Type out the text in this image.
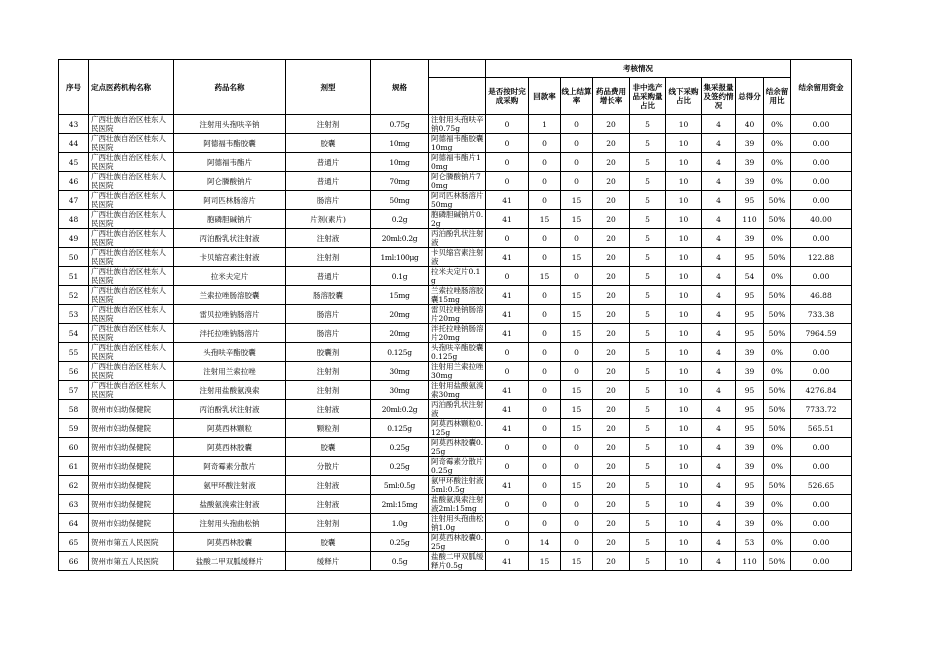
序号	定点医药机构名称	药品名称	剂型	规格		考核情况									结余留用资金
						是否按时完成采购	回款率	线上结算率	药品费用增长率	非中选产品采购量占比	线下采购占比	集采报量及签约情况	总得分	结余留用比	
43	广西壮族自治区桂东人民医院	注射用头孢呋辛钠	注射剂	0.75g	注射用头孢呋辛钠0.75g	0	1	0	20	5	10	4	40	0%	0.00
44	广西壮族自治区桂东人民医院	阿德福韦酯胶囊	胶囊	10mg	阿德福韦酯胶囊10mg	0	0	0	20	5	10	4	39	0%	0.00
45	广西壮族自治区桂东人民医院	阿德福韦酯片	普通片	10mg	阿德福韦酯片10mg	0	0	0	20	5	10	4	39	0%	0.00
46	广西壮族自治区桂东人民医院	阿仑膦酸钠片	普通片	70mg	阿仑膦酸钠片70mg	0	0	0	20	5	10	4	39	0%	0.00
47	广西壮族自治区桂东人民医院	阿司匹林肠溶片	肠溶片	50mg	阿司匹林肠溶片50mg	41	0	15	20	5	10	4	95	50%	0.00
48	广西壮族自治区桂东人民医院	胞磷胆碱钠片	片剂(素片)	0.2g	胞磷胆碱钠片0.2g	41	15	15	20	5	10	4	110	50%	40.00
49	广西壮族自治区桂东人民医院	丙泊酚乳状注射液	注射液	20ml:0.2g	丙泊酚乳状注射液	0	0	0	20	5	10	4	39	0%	0.00
50	广西壮族自治区桂东人民医院	卡贝缩宫素注射液	注射剂	1ml:100μg	卡贝缩宫素注射液	41	0	15	20	5	10	4	95	50%	122.88
51	广西壮族自治区桂东人民医院	拉米夫定片	普通片	0.1g	拉米夫定片0.1g	0	15	0	20	5	10	4	54	0%	0.00
52	广西壮族自治区桂东人民医院	兰索拉唑肠溶胶囊	肠溶胶囊	15mg	兰索拉唑肠溶胶囊15mg	41	0	15	20	5	10	4	95	50%	46.88
53	广西壮族自治区桂东人民医院	雷贝拉唑钠肠溶片	肠溶片	20mg	雷贝拉唑钠肠溶片20mg	41	0	15	20	5	10	4	95	50%	733.38
54	广西壮族自治区桂东人民医院	泮托拉唑钠肠溶片	肠溶片	20mg	泮托拉唑钠肠溶片20mg	41	0	15	20	5	10	4	95	50%	7964.59
55	广西壮族自治区桂东人民医院	头孢呋辛酯胶囊	胶囊剂	0.125g	头孢呋辛酯胶囊0.125g	0	0	0	20	5	10	4	39	0%	0.00
56	广西壮族自治区桂东人民医院	注射用兰索拉唑	注射剂	30mg	注射用兰索拉唑30mg	0	0	0	20	5	10	4	39	0%	0.00
57	广西壮族自治区桂东人民医院	注射用盐酸氨溴索	注射剂	30mg	注射用盐酸氨溴索30mg	41	0	15	20	5	10	4	95	50%	4276.84
58	贺州市妇幼保健院	丙泊酚乳状注射液	注射液	20ml:0.2g	丙泊酚乳状注射液	41	0	15	20	5	10	4	95	50%	7733.72
59	贺州市妇幼保健院	阿莫西林颗粒	颗粒剂	0.125g	阿莫西林颗粒0.125g	41	0	15	20	5	10	4	95	50%	565.51
60	贺州市妇幼保健院	阿莫西林胶囊	胶囊	0.25g	阿莫西林胶囊0.25g	0	0	0	20	5	10	4	39	0%	0.00
61	贺州市妇幼保健院	阿奇霉素分散片	分散片	0.25g	阿奇霉素分散片0.25g	0	0	0	20	5	10	4	39	0%	0.00
62	贺州市妇幼保健院	氨甲环酸注射液	注射液	5ml:0.5g	氨甲环酸注射液5ml:0.5g	41	0	15	20	5	10	4	95	50%	526.65
63	贺州市妇幼保健院	盐酸氨溴索注射液	注射液	2ml:15mg	盐酸氨溴索注射液2ml:15mg	0	0	0	20	5	10	4	39	0%	0.00
64	贺州市妇幼保健院	注射用头孢曲松钠	注射剂	1.0g	注射用头孢曲松钠1.0g	0	0	0	20	5	10	4	39	0%	0.00
65	贺州市第五人民医院	阿莫西林胶囊	胶囊	0.25g	阿莫西林胶囊0.25g	0	14	0	20	5	10	4	53	0%	0.00
66	贺州市第五人民医院	盐酸二甲双胍缓释片	缓释片	0.5g	盐酸二甲双胍缓释片0.5g	41	15	15	20	5	10	4	110	50%	0.00
